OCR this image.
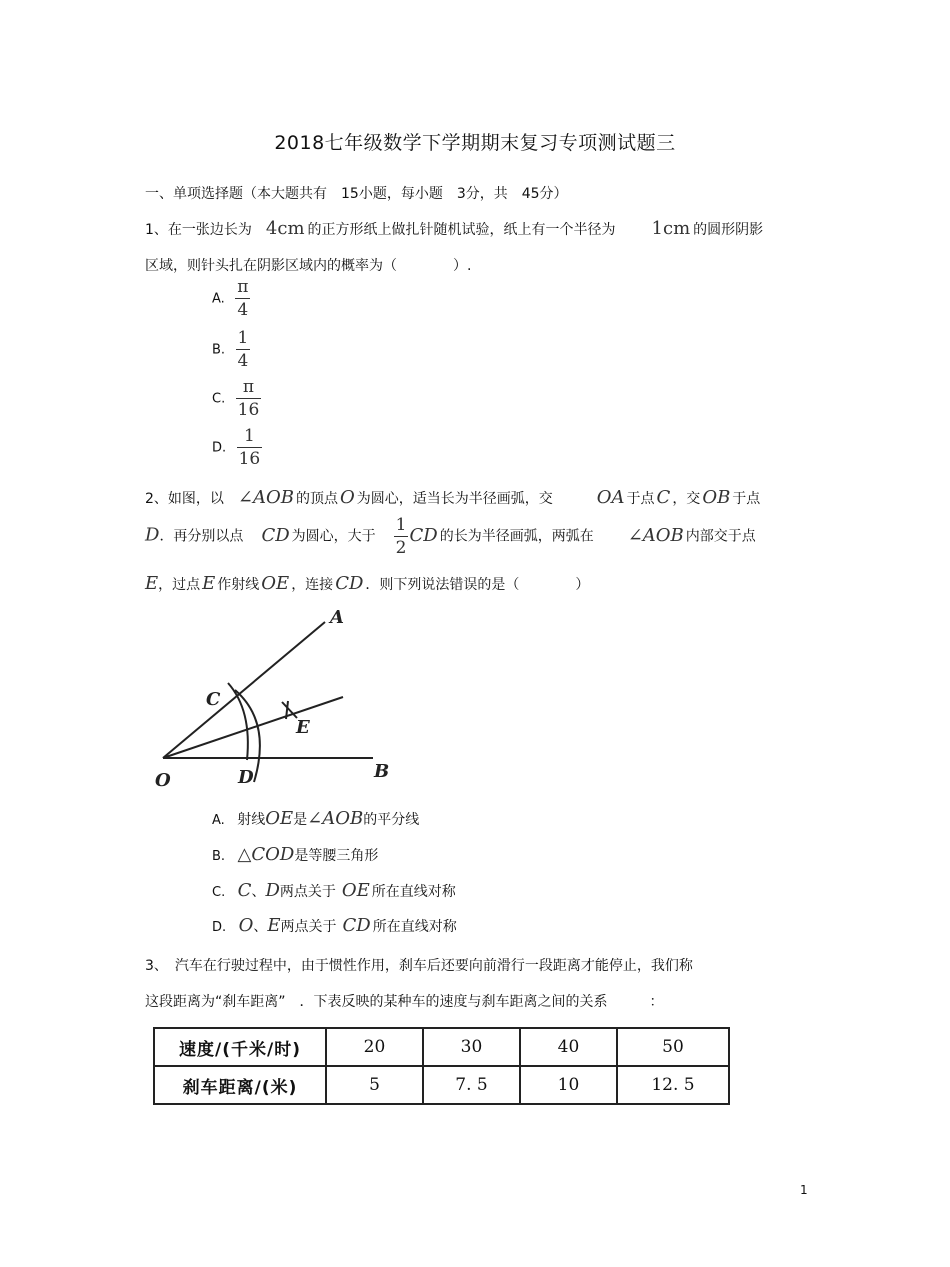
2018七年级数学下学期期末复习专项测试题三
一、单项选择题（本大题共有　15小题，每小题　3分，共　45分）
1、在一张边长为 4cm 的正方形纸上做扎针随机试验，纸上有一个半径为 1cm 的圆形阴影
区域，则针头扎在阴影区域内的概率为（　　　　）.
A. $\frac{\pi}{4}$
B. $\frac{1}{4}$
C. $\frac{\pi}{16}$
D. $\frac{1}{16}$
2、如图，以 ∠AOB 的顶点 O 为圆心，适当长为半径画弧，交 OA 于点 C ，交 OB 于点
D．再分别以点 CD 为圆心，大于 $\frac{1}{2}$ CD 的长为半径画弧，两弧在 ∠AOB 内部交于点
E，过点 E 作射线 OE ，连接 CD ．则下列说法错误的是（　　　　）
A
C
E
O	D	B
A. 射线OE是∠AOB的平分线
B. △COD是等腰三角形
C. C、D两点关于 OE 所在直线对称
D. O、E两点关于 CD 所在直线对称
3、　汽车在行驶过程中，由于惯性作用，刹车后还要向前滑行一段距离才能停止，我们称
这段距离为“刹车距离”　．下表反映的某种车的速度与刹车距离之间的关系　　　：
速度/(千米/时)	20	30	40	50
刹车距离/(米)	5	7. 5	10	12. 5
1
